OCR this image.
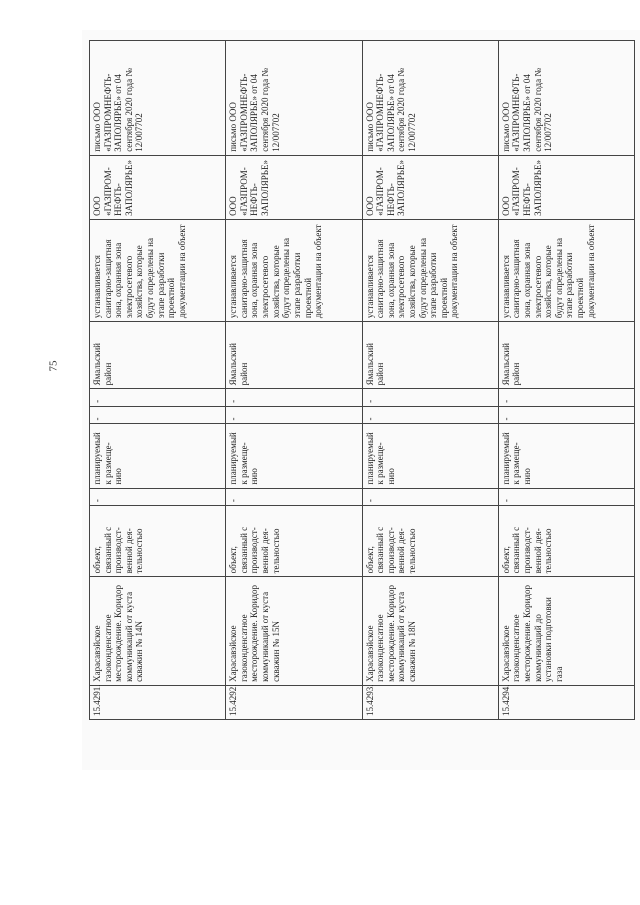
75
15.4291.	Харасавэйское газоконденсатное месторождение. Коридор коммуникаций от куста скважин № 14N	объект, связанный с производст-венной дея-тельностью	-	планируемый к размеще-нию	-	-	Ямальский район	устанавливается санитарно-защитная зона, охранная зона электросетевого хозяйства, которые будут определены на этапе разработки проектной документации на объект	ООО «ГАЗПРОМ-НЕФТЬ-ЗАПОЛЯРЬЕ»	письмо ООО «ГАЗПРОМНЕФТЬ-ЗАПОЛЯРЬЕ» от 04 сентября 2020 года № 12/007702
15.4292.	Харасавэйское газоконденсатное месторождение. Коридор коммуникаций от куста скважин № 15N	объект, связанный с производст-венной дея-тельностью	-	планируемый к размеще-нию	-	-	Ямальский район	устанавливается санитарно-защитная зона, охранная зона электросетевого хозяйства, которые будут определены на этапе разработки проектной документации на объект	ООО «ГАЗПРОМ-НЕФТЬ-ЗАПОЛЯРЬЕ»	письмо ООО «ГАЗПРОМНЕФТЬ-ЗАПОЛЯРЬЕ» от 04 сентября 2020 года № 12/007702
15.4293.	Харасавэйское газоконденсатное месторождение. Коридор коммуникаций от куста скважин № 18N	объект, связанный с производст-венной дея-тельностью	-	планируемый к размеще-нию	-	-	Ямальский район	устанавливается санитарно-защитная зона, охранная зона электросетевого хозяйства, которые будут определены на этапе разработки проектной документации на объект	ООО «ГАЗПРОМ-НЕФТЬ-ЗАПОЛЯРЬЕ»	письмо ООО «ГАЗПРОМНЕФТЬ-ЗАПОЛЯРЬЕ» от 04 сентября 2020 года № 12/007702
15.4294.	Харасавэйское газоконденсатное месторождение. Коридор коммуникаций до установки подготовки газа	объект, связанный с производст-венной дея-тельностью	-	планируемый к размеще-нию	-	-	Ямальский район	устанавливается санитарно-защитная зона, охранная зона электросетевого хозяйства, которые будут определены на этапе разработки проектной документации на объект	ООО «ГАЗПРОМ-НЕФТЬ-ЗАПОЛЯРЬЕ»	письмо ООО «ГАЗПРОМНЕФТЬ-ЗАПОЛЯРЬЕ» от 04 сентября 2020 года № 12/007702
